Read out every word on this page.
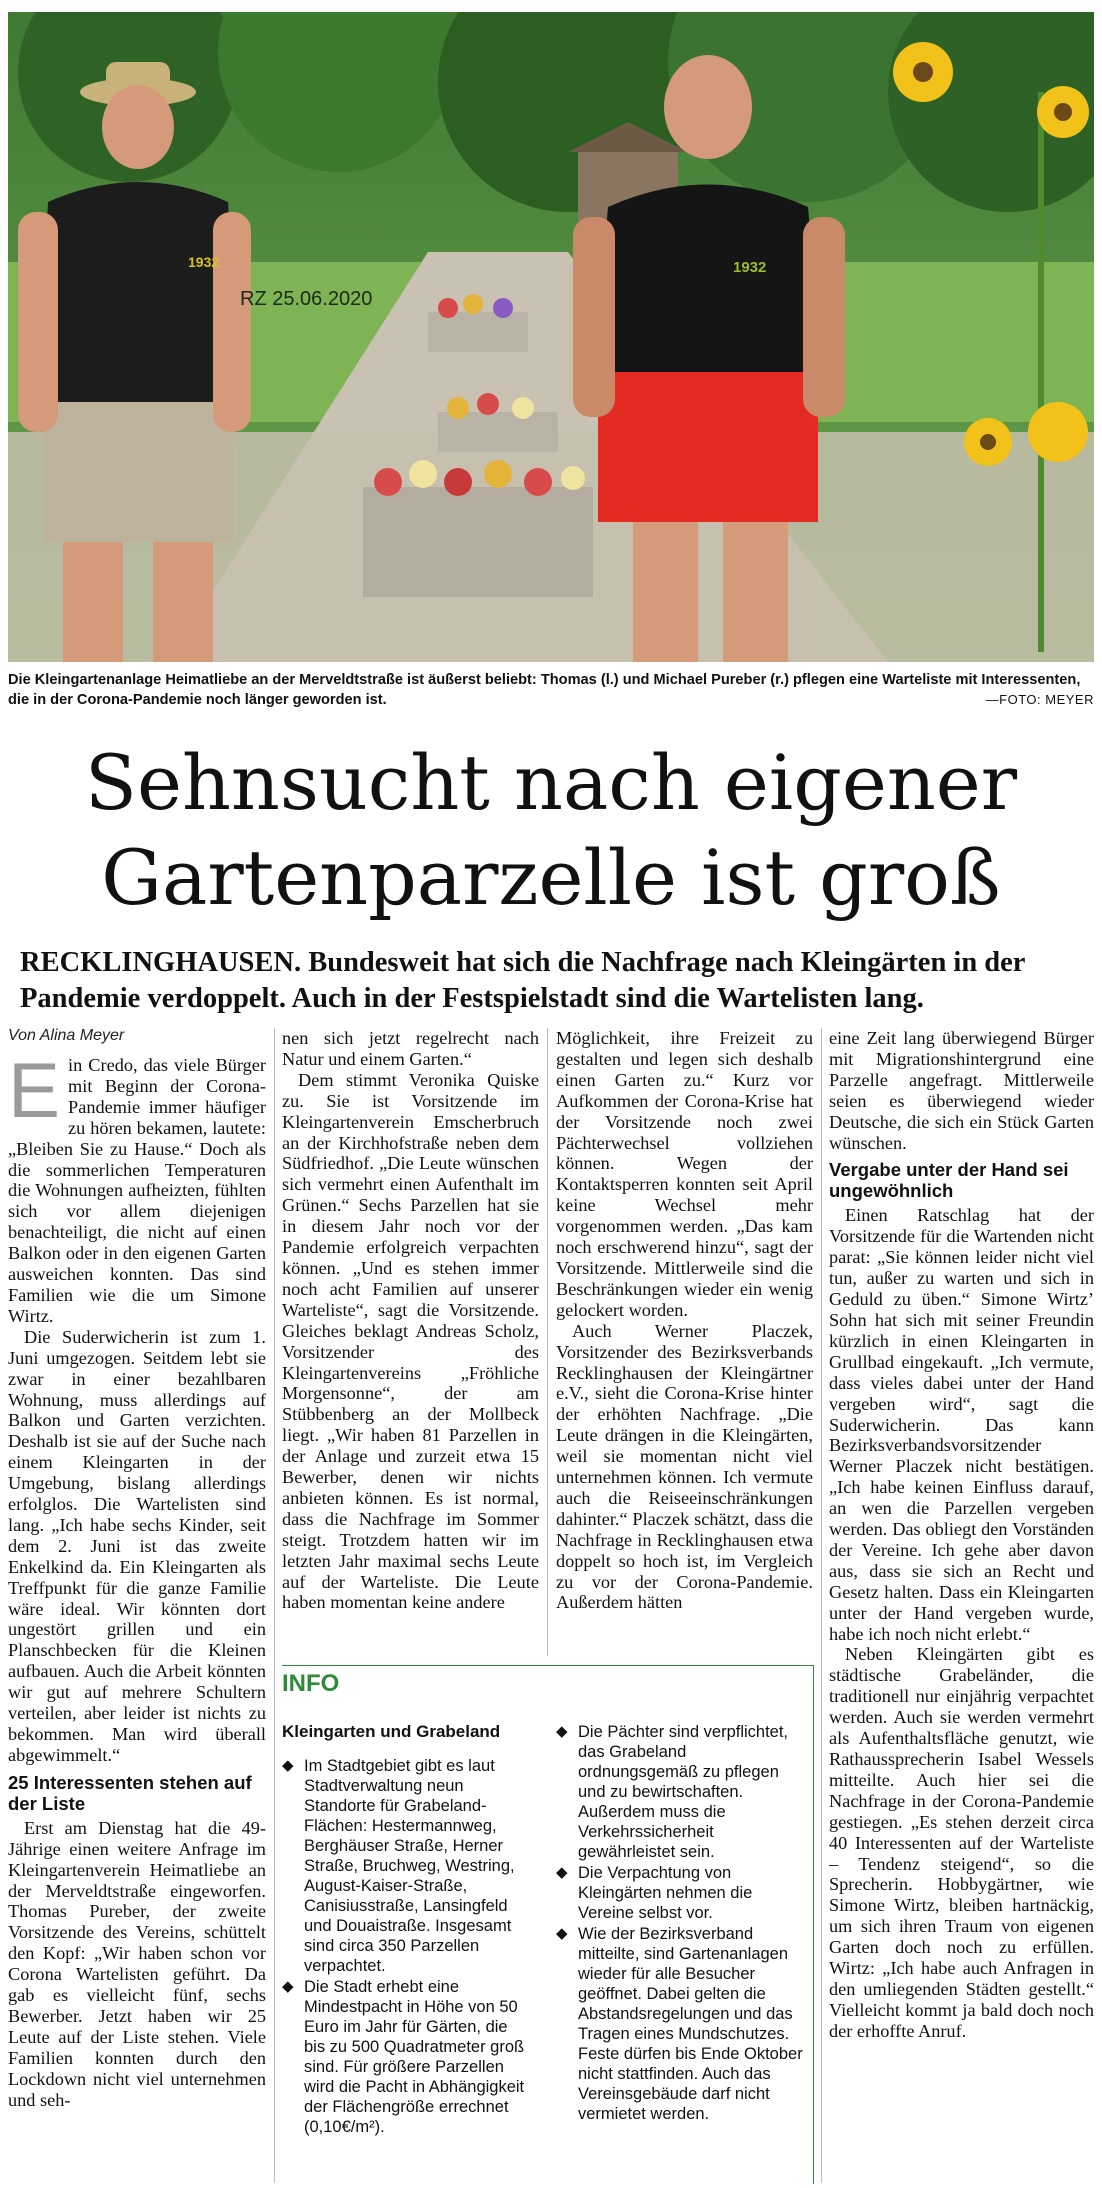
1932	1932
RZ 25.06.2020
Die Kleingartenanlage Heimatliebe an der Merveldtstraße ist äußerst beliebt: Thomas (l.) und Michael Pureber (r.) pflegen eine Warteliste mit Interessenten, die in der Corona-Pandemie noch länger geworden ist.	—FOTO: MEYER
Sehnsucht nach eigener
Gartenparzelle ist groß
RECKLINGHAUSEN. Bundesweit hat sich die Nachfrage nach Kleingärten in der Pandemie verdoppelt. Auch in der Festspielstadt sind die Wartelisten lang.
Von Alina Meyer
E in Credo, das viele Bürger mit Beginn der Corona-Pandemie immer häufiger zu hören bekamen, lautete: „Bleiben Sie zu Hause.“ Doch als die sommerlichen Temperaturen die Wohnungen aufheizten, fühlten sich vor allem diejenigen benachteiligt, die nicht auf einen Balkon oder in den eigenen Garten ausweichen konnten. Das sind Familien wie die um Simone Wirtz.

Die Suderwicherin ist zum 1. Juni umgezogen. Seitdem lebt sie zwar in einer bezahlbaren Wohnung, muss allerdings auf Balkon und Garten verzichten. Deshalb ist sie auf der Suche nach einem Kleingarten in der Umgebung, bislang allerdings erfolglos. Die Wartelisten sind lang. „Ich habe sechs Kinder, seit dem 2. Juni ist das zweite Enkelkind da. Ein Kleingarten als Treffpunkt für die ganze Familie wäre ideal. Wir könnten dort ungestört grillen und ein Planschbecken für die Kleinen aufbauen. Auch die Arbeit könnten wir gut auf mehrere Schultern verteilen, aber leider ist nichts zu bekommen. Man wird überall abgewimmelt.“

25 Interessenten stehen auf der Liste

Erst am Dienstag hat die 49-Jährige einen weitere Anfrage im Kleingartenverein Heimatliebe an der Merveldtstraße eingeworfen. Thomas Pureber, der zweite Vorsitzende des Vereins, schüttelt den Kopf: „Wir haben schon vor Corona Wartelisten geführt. Da gab es vielleicht fünf, sechs Bewerber. Jetzt haben wir 25 Leute auf der Liste stehen. Viele Familien konnten durch den Lockdown nicht viel unternehmen und seh-

nen sich jetzt regelrecht nach Natur und einem Garten.“

Dem stimmt Veronika Quiske zu. Sie ist Vorsitzende im Kleingartenverein Emscherbruch an der Kirchhofstraße neben dem Südfriedhof. „Die Leute wünschen sich vermehrt einen Aufenthalt im Grünen.“ Sechs Parzellen hat sie in diesem Jahr noch vor der Pandemie erfolgreich verpachten können. „Und es stehen immer noch acht Familien auf unserer Warteliste“, sagt die Vorsitzende. Gleiches beklagt Andreas Scholz, Vorsitzender des Kleingartenvereins „Fröhliche Morgensonne“, der am Stübbenberg an der Mollbeck liegt. „Wir haben 81 Parzellen in der Anlage und zurzeit etwa 15 Bewerber, denen wir nichts anbieten können. Es ist normal, dass die Nachfrage im Sommer steigt. Trotzdem hatten wir im letzten Jahr maximal sechs Leute auf der Warteliste. Die Leute haben momentan keine andere

Möglichkeit, ihre Freizeit zu gestalten und legen sich deshalb einen Garten zu.“ Kurz vor Aufkommen der Corona-Krise hat der Vorsitzende noch zwei Pächterwechsel vollziehen können. Wegen der Kontaktsperren konnten seit April keine Wechsel mehr vorgenommen werden. „Das kam noch erschwerend hinzu“, sagt der Vorsitzende. Mittlerweile sind die Beschränkungen wieder ein wenig gelockert worden.

Auch Werner Placzek, Vorsitzender des Bezirksverbands Recklinghausen der Kleingärtner e.V., sieht die Corona-Krise hinter der erhöhten Nachfrage. „Die Leute drängen in die Kleingärten, weil sie momentan nicht viel unternehmen können. Ich vermute auch die Reiseeinschränkungen dahinter.“ Placzek schätzt, dass die Nachfrage in Recklinghausen etwa doppelt so hoch ist, im Vergleich zu vor der Corona-Pandemie. Außerdem hätten

eine Zeit lang überwiegend Bürger mit Migrationshintergrund eine Parzelle angefragt. Mittlerweile seien es überwiegend wieder Deutsche, die sich ein Stück Garten wünschen.

Vergabe unter der Hand sei ungewöhnlich

Einen Ratschlag hat der Vorsitzende für die Wartenden nicht parat: „Sie können leider nicht viel tun, außer zu warten und sich in Geduld zu üben.“ Simone Wirtz’ Sohn hat sich mit seiner Freundin kürzlich in einen Kleingarten in Grullbad eingekauft. „Ich vermute, dass vieles dabei unter der Hand vergeben wird“, sagt die Suderwicherin. Das kann Bezirksverbandsvorsitzender Werner Placzek nicht bestätigen. „Ich habe keinen Einfluss darauf, an wen die Parzellen vergeben werden. Das obliegt den Vorständen der Vereine. Ich gehe aber davon aus, dass sie sich an Recht und Gesetz halten. Dass ein Kleingarten unter der Hand vergeben wurde, habe ich noch nicht erlebt.“

Neben Kleingärten gibt es städtische Grabeländer, die traditionell nur einjährig verpachtet werden. Auch sie werden vermehrt als Aufenthaltsfläche genutzt, wie Rathaussprecherin Isabel Wessels mitteilte. Auch hier sei die Nachfrage in der Corona-Pandemie gestiegen. „Es stehen derzeit circa 40 Interessenten auf der Warteliste – Tendenz steigend“, so die Sprecherin. Hobbygärtner, wie Simone Wirtz, bleiben hartnäckig, um sich ihren Traum von eigenen Garten doch noch zu erfüllen. Wirtz: „Ich habe auch Anfragen in den umliegenden Städten gestellt.“ Vielleicht kommt ja bald doch noch der erhoffte Anruf.

INFO
Kleingarten und Grabeland
◆ Im Stadtgebiet gibt es laut Stadtverwaltung neun Standorte für Grabeland-Flächen: Hestermannweg, Berghäuser Straße, Herner Straße, Bruchweg, Westring, August-Kaiser-Straße, Canisiusstraße, Lansingfeld und Douaistraße. Insgesamt sind circa 350 Parzellen verpachtet.
◆ Die Stadt erhebt eine Mindestpacht in Höhe von 50 Euro im Jahr für Gärten, die bis zu 500 Quadratmeter groß sind. Für größere Parzellen wird die Pacht in Abhängigkeit der Flächengröße errechnet (0,10€/m²).
◆ Die Pächter sind verpflichtet, das Grabeland ordnungsgemäß zu pflegen und zu bewirtschaften. Außerdem muss die Verkehrssicherheit gewährleistet sein.
◆ Die Verpachtung von Kleingärten nehmen die Vereine selbst vor.
◆ Wie der Bezirksverband mitteilte, sind Gartenanlagen wieder für alle Besucher geöffnet. Dabei gelten die Abstandsregelungen und das Tragen eines Mundschutzes. Feste dürfen bis Ende Oktober nicht stattfinden. Auch das Vereinsgebäude darf nicht vermietet werden.
